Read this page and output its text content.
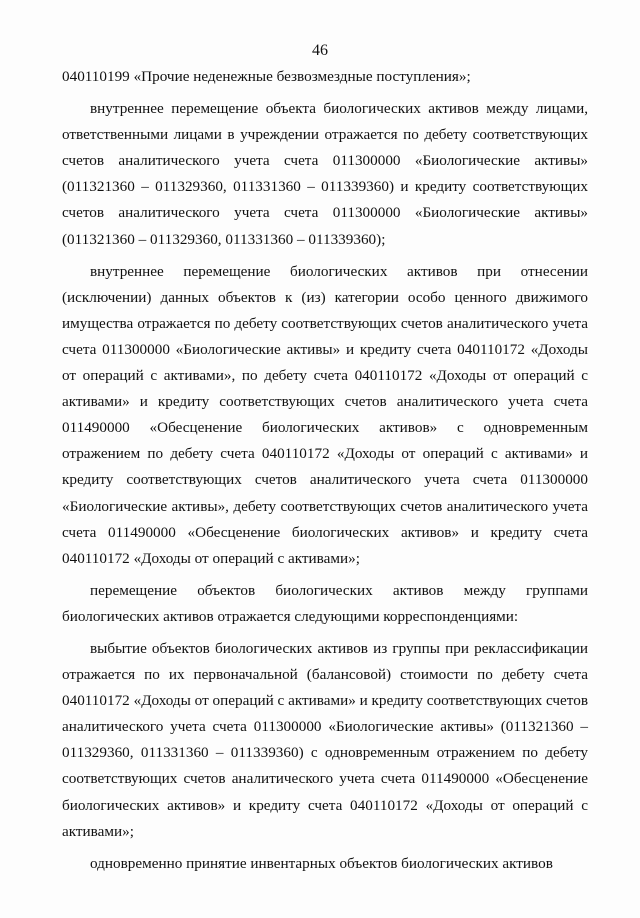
46

040110199 «Прочие неденежные безвозмездные поступления»;

внутреннее перемещение объекта биологических активов между лицами, ответственными лицами в учреждении отражается по дебету соответствующих счетов аналитического учета счета 011300000 «Биологические активы» (011321360 – 011329360, 011331360 – 011339360) и кредиту соответствующих счетов аналитического учета счета 011300000 «Биологические активы» (011321360 – 011329360, 011331360 – 011339360);

внутреннее перемещение биологических активов при отнесении (исключении) данных объектов к (из) категории особо ценного движимого имущества отражается по дебету соответствующих счетов аналитического учета счета 011300000 «Биологические активы» и кредиту счета 040110172 «Доходы от операций с активами», по дебету счета 040110172 «Доходы от операций с активами» и кредиту соответствующих счетов аналитического учета счета 011490000 «Обесценение биологических активов» с одновременным отражением по дебету счета 040110172 «Доходы от операций с активами» и кредиту соответствующих счетов аналитического учета счета 011300000 «Биологические активы», дебету соответствующих счетов аналитического учета счета 011490000 «Обесценение биологических активов» и кредиту счета 040110172 «Доходы от операций с активами»;

перемещение объектов биологических активов между группами биологических активов отражается следующими корреспонденциями:

выбытие объектов биологических активов из группы при реклассификации отражается по их первоначальной (балансовой) стоимости по дебету счета 040110172 «Доходы от операций с активами» и кредиту соответствующих счетов аналитического учета счета 011300000 «Биологические активы» (011321360 – 011329360, 011331360 – 011339360) с одновременным отражением по дебету соответствующих счетов аналитического учета счета 011490000 «Обесценение биологических активов» и кредиту счета 040110172 «Доходы от операций с активами»;

одновременно принятие инвентарных объектов биологических активов
